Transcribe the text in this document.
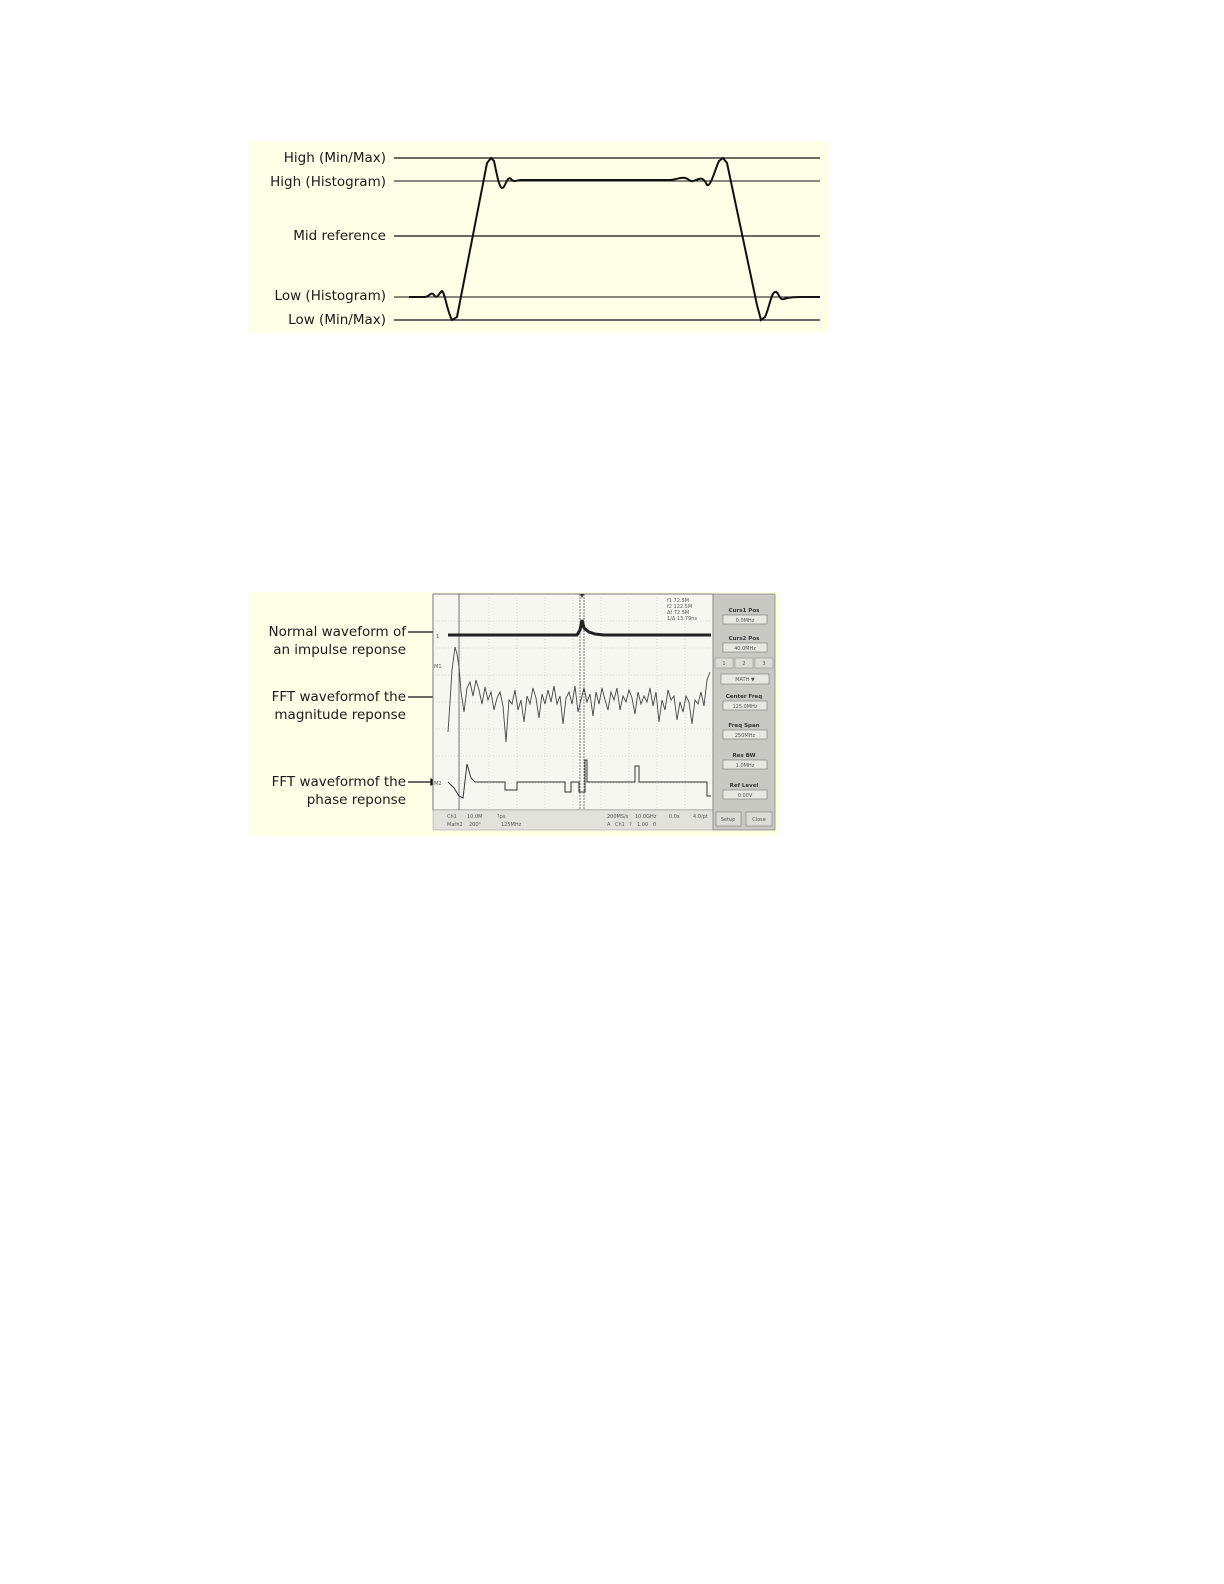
High (Min/Max)
High (Histogram)
Mid reference
Low (Histogram)
Low (Min/Max)
Normal waveform of
an impulse reponse
FFT waveformof the
magnitude reponse
FFT waveformof the
phase reponse
f1 72.5M
f2 122.5M
Δf 72.5M
1/Δ 13.79ns
1
M1
M2
Ch1 10.0M	?ps
Math2 200°	125MHz
200MS/s 10.0GHz	0.0s	4.0/pt
A Ch1 ? 1.00 0
Curs1 Pos
0.0MHz
Curs2 Pos
40.0MHz
1	2	3
MATH ▼
Center Freq
125.0MHz
Freq Span
250MHz
Res BW
1.0MHz
Ref Level
0.00V
Setup	Close
